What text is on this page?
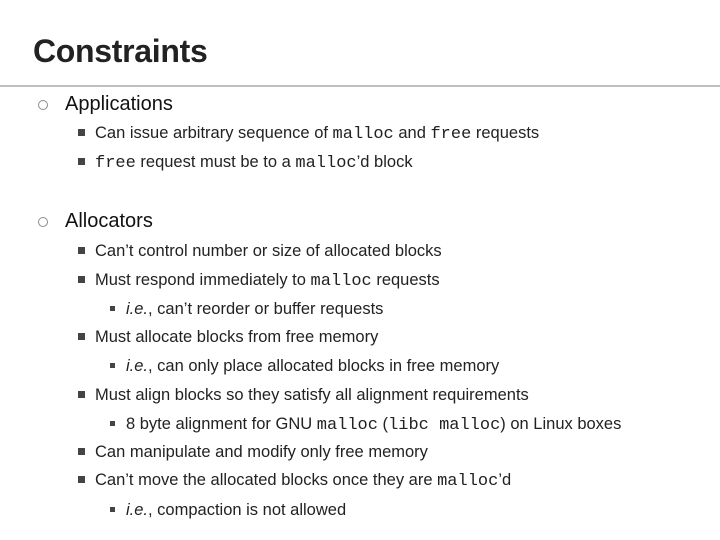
Constraints
Applications
Can issue arbitrary sequence of malloc and free requests
free request must be to a malloc’d block
Allocators
Can’t control number or size of allocated blocks
Must respond immediately to malloc requests
i.e., can’t reorder or buffer requests
Must allocate blocks from free memory
i.e., can only place allocated blocks in free memory
Must align blocks so they satisfy all alignment requirements
8 byte alignment for GNU malloc (libc malloc) on Linux boxes
Can manipulate and modify only free memory
Can’t move the allocated blocks once they are malloc’d
i.e., compaction is not allowed
